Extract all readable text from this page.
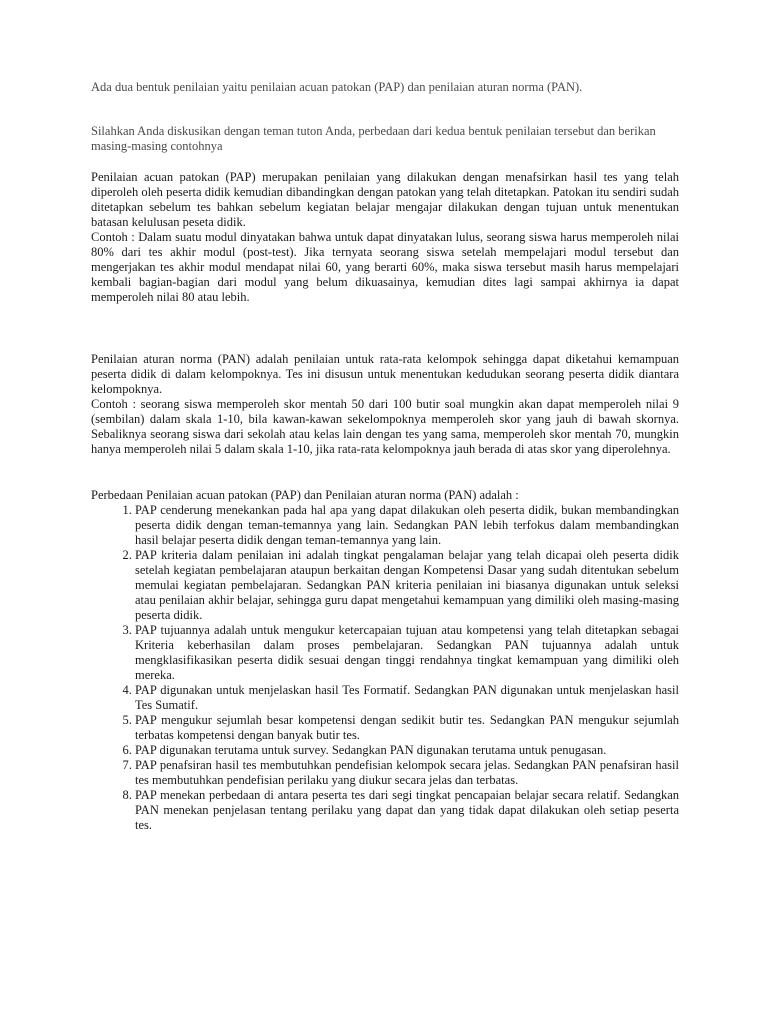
Ada dua bentuk penilaian yaitu penilaian acuan patokan (PAP) dan penilaian aturan norma (PAN).

Silahkan Anda diskusikan dengan teman tuton Anda, perbedaan dari kedua bentuk penilaian tersebut dan berikan masing-masing contohnya

Penilaian acuan patokan (PAP) merupakan penilaian yang dilakukan dengan menafsirkan hasil tes yang telah diperoleh oleh peserta didik kemudian dibandingkan dengan patokan yang telah ditetapkan. Patokan itu sendiri sudah ditetapkan sebelum tes bahkan sebelum kegiatan belajar mengajar dilakukan dengan tujuan untuk menentukan batasan kelulusan peseta didik.

Contoh : Dalam suatu modul dinyatakan bahwa untuk dapat dinyatakan lulus, seorang siswa harus memperoleh nilai 80% dari tes akhir modul (post-test). Jika ternyata seorang siswa setelah mempelajari modul tersebut dan mengerjakan tes akhir modul mendapat nilai 60, yang berarti 60%, maka siswa tersebut masih harus mempelajari kembali bagian-bagian dari modul yang belum dikuasainya, kemudian dites lagi sampai akhirnya ia dapat memperoleh nilai 80 atau lebih.

Penilaian aturan norma (PAN) adalah penilaian untuk rata-rata kelompok sehingga dapat diketahui kemampuan peserta didik di dalam kelompoknya. Tes ini disusun untuk menentukan kedudukan seorang peserta didik diantara kelompoknya.

Contoh : seorang siswa memperoleh skor mentah 50 dari 100 butir soal mungkin akan dapat memperoleh nilai 9 (sembilan) dalam skala 1-10, bila kawan-kawan sekelompoknya memperoleh skor yang jauh di bawah skornya. Sebaliknya seorang siswa dari sekolah atau kelas lain dengan tes yang sama, memperoleh skor mentah 70, mungkin hanya memperoleh nilai 5 dalam skala 1-10, jika rata-rata kelompoknya jauh berada di atas skor yang diperolehnya.

Perbedaan Penilaian acuan patokan (PAP) dan Penilaian aturan norma (PAN) adalah :

1. PAP cenderung menekankan pada hal apa yang dapat dilakukan oleh peserta didik, bukan membandingkan peserta didik dengan teman-temannya yang lain. Sedangkan PAN lebih terfokus dalam membandingkan hasil belajar peserta didik dengan teman-temannya yang lain.
2. PAP kriteria dalam penilaian ini adalah tingkat pengalaman belajar yang telah dicapai oleh peserta didik setelah kegiatan pembelajaran ataupun berkaitan dengan Kompetensi Dasar yang sudah ditentukan sebelum memulai kegiatan pembelajaran. Sedangkan PAN kriteria penilaian ini biasanya digunakan untuk seleksi atau penilaian akhir belajar, sehingga guru dapat mengetahui kemampuan yang dimiliki oleh masing-masing peserta didik.
3. PAP tujuannya adalah untuk mengukur ketercapaian tujuan atau kompetensi yang telah ditetapkan sebagai Kriteria keberhasilan dalam proses pembelajaran. Sedangkan PAN tujuannya adalah untuk mengklasifikasikan peserta didik sesuai dengan tinggi rendahnya tingkat kemampuan yang dimiliki oleh mereka.
4. PAP digunakan untuk menjelaskan hasil Tes Formatif. Sedangkan PAN digunakan untuk menjelaskan hasil Tes Sumatif.
5. PAP mengukur sejumlah besar kompetensi dengan sedikit butir tes. Sedangkan PAN mengukur sejumlah terbatas kompetensi dengan banyak butir tes.
6. PAP digunakan terutama untuk survey. Sedangkan PAN digunakan terutama untuk penugasan.
7. PAP penafsiran hasil tes membutuhkan pendefisian kelompok secara jelas. Sedangkan PAN penafsiran hasil tes membutuhkan pendefisian perilaku yang diukur secara jelas dan terbatas.
8. PAP menekan perbedaan di antara peserta tes dari segi tingkat pencapaian belajar secara relatif. Sedangkan PAN menekan penjelasan tentang perilaku yang dapat dan yang tidak dapat dilakukan oleh setiap peserta tes.
